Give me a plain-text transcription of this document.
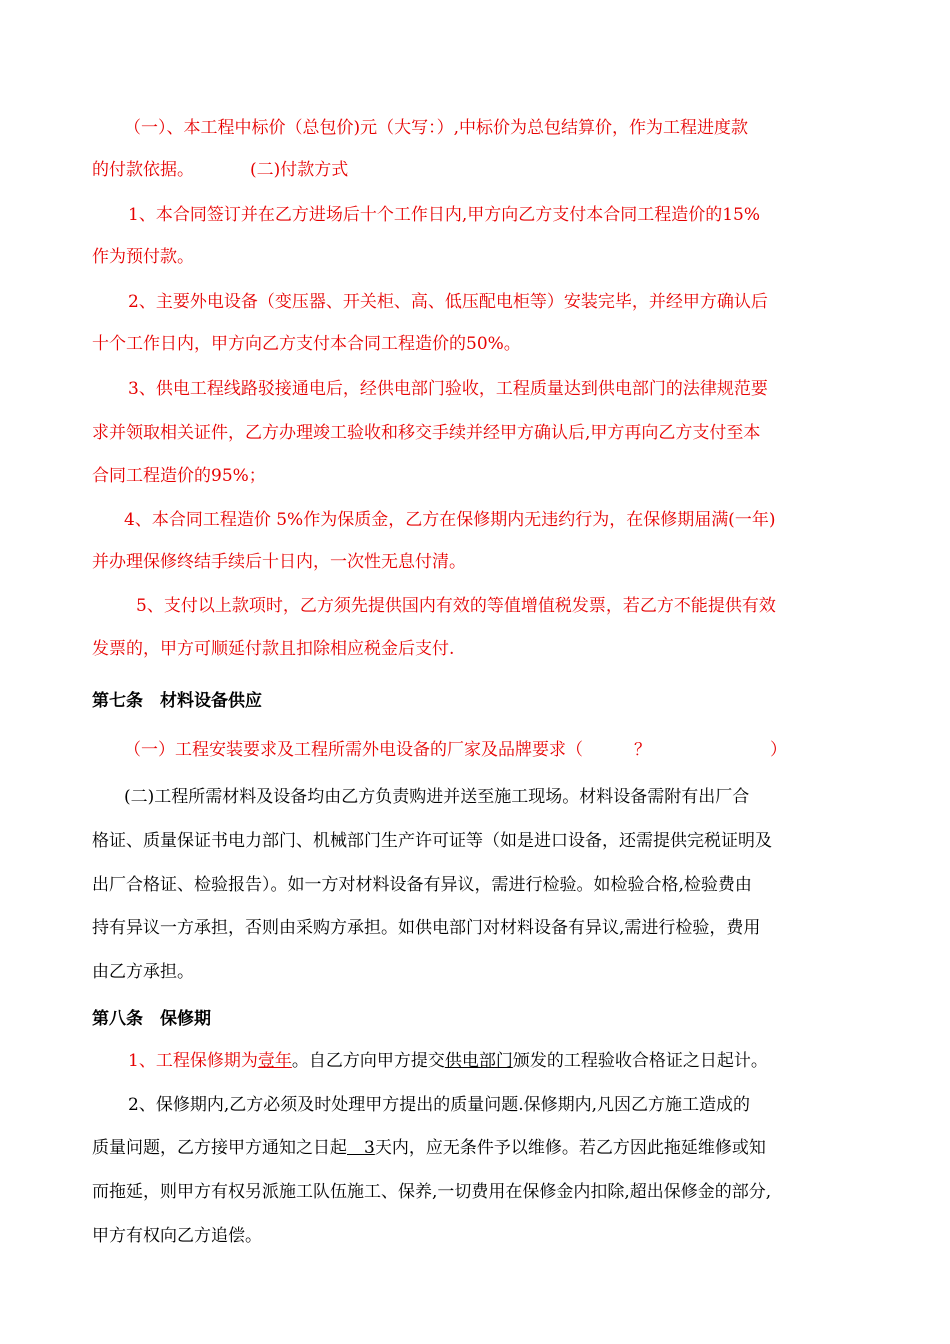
（一）、本工程中标价（总包价)元（大写：）,中标价为总包结算价，作为工程进度款
的付款依据。	(二)付款方式
1、本合同签订并在乙方进场后十个工作日内,甲方向乙方支付本合同工程造价的15%
作为预付款。
2、主要外电设备（变压器、开关柜、高、低压配电柜等）安装完毕，并经甲方确认后
十个工作日内，甲方向乙方支付本合同工程造价的50%。
3、供电工程线路驳接通电后，经供电部门验收，工程质量达到供电部门的法律规范要
求并领取相关证件，乙方办理竣工验收和移交手续并经甲方确认后,甲方再向乙方支付至本
合同工程造价的95%；
4、本合同工程造价 5%作为保质金，乙方在保修期内无违约行为，在保修期届满(一年)
并办理保修终结手续后十日内，一次性无息付清。
5、支付以上款项时，乙方须先提供国内有效的等值增值税发票，若乙方不能提供有效
发票的，甲方可顺延付款且扣除相应税金后支付.
第七条　材料设备供应
（一）工程安装要求及工程所需外电设备的厂家及品牌要求（　　　？　　　　　　　）
(二)工程所需材料及设备均由乙方负责购进并送至施工现场。材料设备需附有出厂合
格证、质量保证书电力部门、机械部门生产许可证等（如是进口设备，还需提供完税证明及
出厂合格证、检验报告）。如一方对材料设备有异议，需进行检验。如检验合格,检验费由
持有异议一方承担，否则由采购方承担。如供电部门对材料设备有异议,需进行检验，费用
由乙方承担。
第八条　保修期
1、工程保修期为壹年。自乙方向甲方提交供电部门颁发的工程验收合格证之日起计。
2、保修期内,乙方必须及时处理甲方提出的质量问题.保修期内,凡因乙方施工造成的
质量问题，乙方接甲方通知之日起　3天内，应无条件予以维修。若乙方因此拖延维修或知
而拖延，则甲方有权另派施工队伍施工、保养,一切费用在保修金内扣除,超出保修金的部分,
甲方有权向乙方追偿。
